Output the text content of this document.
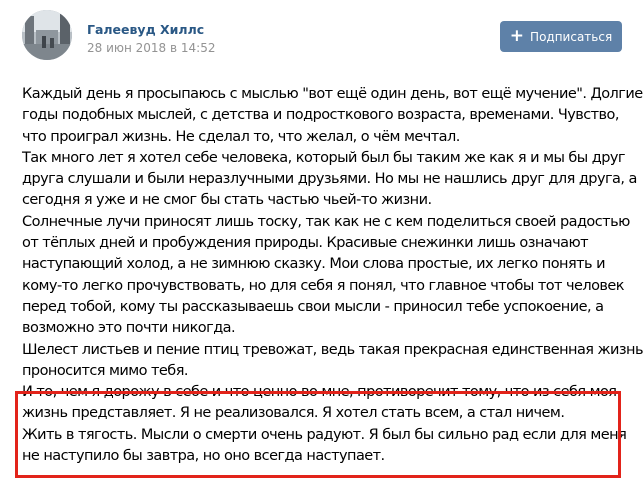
Галеевуд Хиллс
28 июн 2018 в 14:52
+ Подписаться
Каждый день я просыпаюсь с мыслью "вот ещё один день, вот ещё мучение". Долгие
годы подобных мыслей, с детства и подросткового возраста, временами. Чувство,
что проиграл жизнь. Не сделал то, что желал, о чём мечтал.
Так много лет я хотел себе человека, который был бы таким же как я и мы бы друг
друга слушали и были неразлучными друзьями. Но мы не нашлись друг для друга, а
сегодня я уже и не смог бы стать частью чьей-то жизни.
Солнечные лучи приносят лишь тоску, так как не с кем поделиться своей радостью
от тёплых дней и пробуждения природы. Красивые снежинки лишь означают
наступающий холод, а не зимнюю сказку. Мои слова простые, их легко понять и
кому-то легко прочувствовать, но для себя я понял, что главное чтобы тот человек
перед тобой, кому ты рассказываешь свои мысли - приносил тебе успокоение, а
возможно это почти никогда.
Шелест листьев и пение птиц тревожат, ведь такая прекрасная единственная жизнь
проносится мимо тебя.
И то, чем я дорожу в себе и что ценно во мне, противоречит тому, что из себя моя
жизнь представляет. Я не реализовался. Я хотел стать всем, а стал ничем.
Жить в тягость. Мысли о смерти очень радуют. Я был бы сильно рад если для меня
не наступило бы завтра, но оно всегда наступает.
